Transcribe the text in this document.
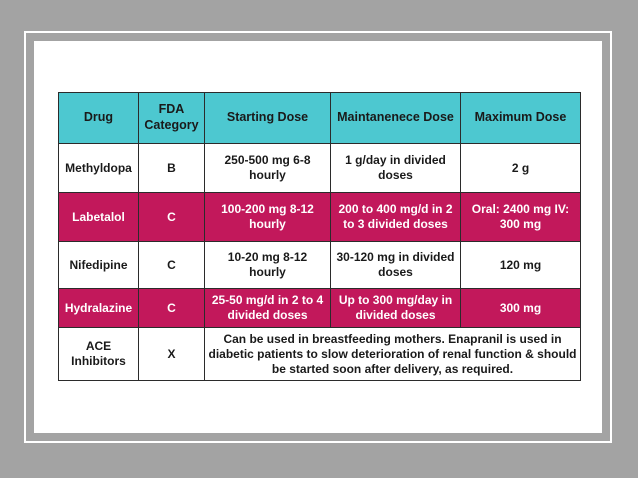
Drug	FDA Category	Starting Dose	Maintanenece Dose	Maximum Dose
Methyldopa	B	250-500 mg 6-8 hourly	1 g/day in divided doses	2 g
Labetalol	C	100-200 mg 8-12 hourly	200 to 400 mg/d in 2 to 3 divided doses	Oral: 2400 mg IV: 300 mg
Nifedipine	C	10-20 mg 8-12 hourly	30-120 mg in divided doses	120 mg
Hydralazine	C	25-50 mg/d in 2 to 4 divided doses	Up to 300 mg/day in divided doses	300 mg
ACE Inhibitors	X	Can be used in breastfeeding mothers. Enapranil is used in diabetic patients to slow deterioration of renal function & should be started soon after delivery, as required.		
